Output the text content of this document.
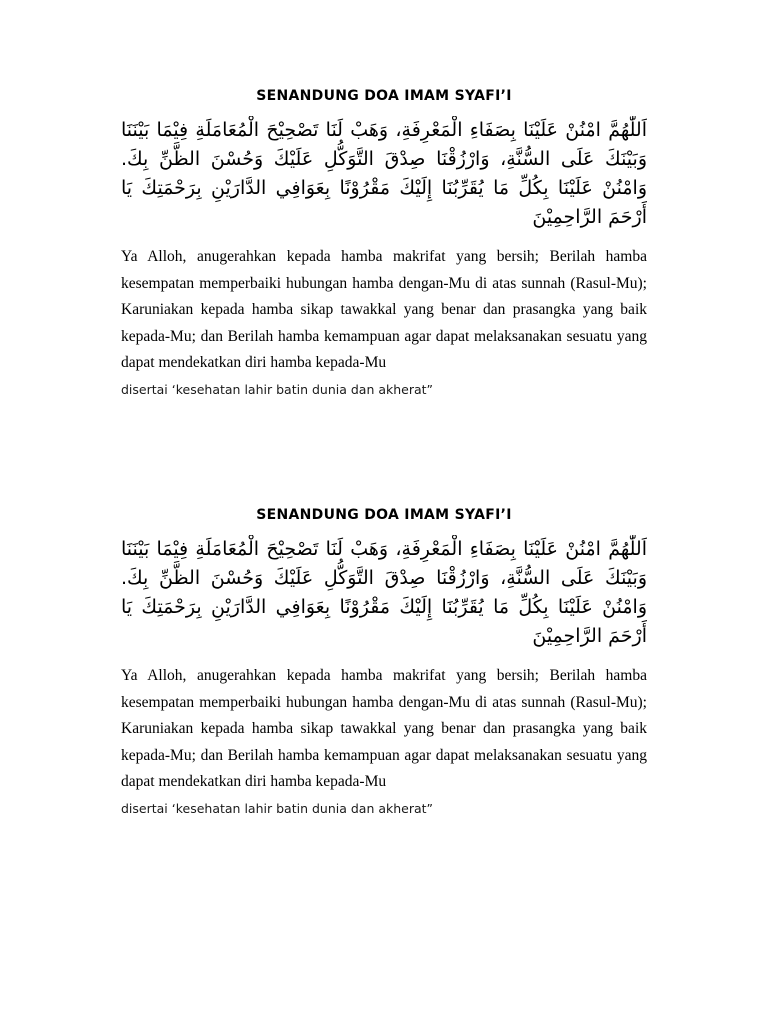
SENANDUNG DOA IMAM SYAFI’I

اَللّٰهُمَّ امْنُنْ عَلَيْنَا بِصَفَاءِ الْمَعْرِفَةِ، وَهَبْ لَنَا تَصْحِيْحَ الْمُعَامَلَةِ فِيْمَا بَيْنَنَا وَبَيْنَكَ عَلَى السُّنَّةِ، وَارْزُقْنَا صِدْقَ التَّوَكُّلِ عَلَيْكَ وَحُسْنَ الظَّنِّ بِكَ. وَامْنُنْ عَلَيْنَا بِكُلِّ مَا يُقَرِّبُنَا إِلَيْكَ مَقْرُوْنًا بِعَوَافِي الدَّارَيْنِ بِرَحْمَتِكَ يَا أَرْحَمَ الرَّاحِمِيْنَ

Ya Alloh, anugerahkan kepada hamba makrifat yang bersih; Berilah hamba kesempatan memperbaiki hubungan hamba dengan-Mu di atas sunnah (Rasul-Mu); Karuniakan kepada hamba sikap tawakkal yang benar dan prasangka yang baik kepada-Mu; dan Berilah hamba kemampuan agar dapat melaksanakan sesuatu yang dapat mendekatkan diri hamba kepada-Mu

disertai ‘kesehatan lahir batin dunia dan akherat”

SENANDUNG DOA IMAM SYAFI’I

اَللّٰهُمَّ امْنُنْ عَلَيْنَا بِصَفَاءِ الْمَعْرِفَةِ، وَهَبْ لَنَا تَصْحِيْحَ الْمُعَامَلَةِ فِيْمَا بَيْنَنَا وَبَيْنَكَ عَلَى السُّنَّةِ، وَارْزُقْنَا صِدْقَ التَّوَكُّلِ عَلَيْكَ وَحُسْنَ الظَّنِّ بِكَ. وَامْنُنْ عَلَيْنَا بِكُلِّ مَا يُقَرِّبُنَا إِلَيْكَ مَقْرُوْنًا بِعَوَافِي الدَّارَيْنِ بِرَحْمَتِكَ يَا أَرْحَمَ الرَّاحِمِيْنَ

Ya Alloh, anugerahkan kepada hamba makrifat yang bersih; Berilah hamba kesempatan memperbaiki hubungan hamba dengan-Mu di atas sunnah (Rasul-Mu); Karuniakan kepada hamba sikap tawakkal yang benar dan prasangka yang baik kepada-Mu; dan Berilah hamba kemampuan agar dapat melaksanakan sesuatu yang dapat mendekatkan diri hamba kepada-Mu

disertai ‘kesehatan lahir batin dunia dan akherat”
